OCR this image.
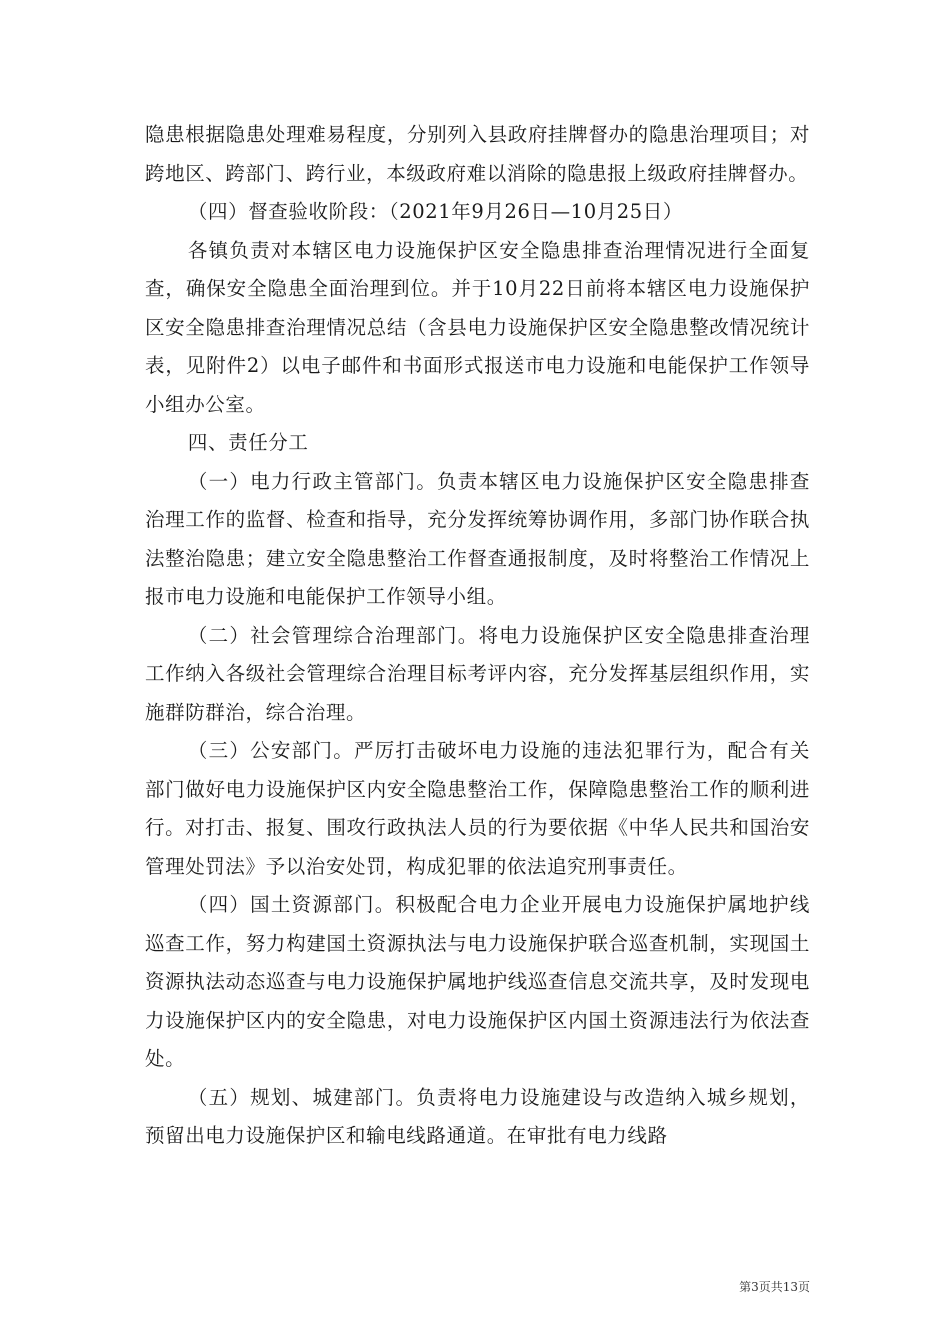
隐患根据隐患处理难易程度，分别列入县政府挂牌督办的隐患治理项目；对跨地区、跨部门、跨行业，本级政府难以消除的隐患报上级政府挂牌督办。

（四）督查验收阶段：（2021年9月26日—10月25日）

各镇负责对本辖区电力设施保护区安全隐患排查治理情况进行全面复查，确保安全隐患全面治理到位。并于10月22日前将本辖区电力设施保护区安全隐患排查治理情况总结（含县电力设施保护区安全隐患整改情况统计表，见附件2）以电子邮件和书面形式报送市电力设施和电能保护工作领导小组办公室。

四、责任分工

（一）电力行政主管部门。负责本辖区电力设施保护区安全隐患排查治理工作的监督、检查和指导，充分发挥统筹协调作用，多部门协作联合执法整治隐患；建立安全隐患整治工作督查通报制度，及时将整治工作情况上报市电力设施和电能保护工作领导小组。

（二）社会管理综合治理部门。将电力设施保护区安全隐患排查治理工作纳入各级社会管理综合治理目标考评内容，充分发挥基层组织作用，实施群防群治，综合治理。

（三）公安部门。严厉打击破坏电力设施的违法犯罪行为，配合有关部门做好电力设施保护区内安全隐患整治工作，保障隐患整治工作的顺利进行。对打击、报复、围攻行政执法人员的行为要依据《中华人民共和国治安管理处罚法》予以治安处罚，构成犯罪的依法追究刑事责任。

（四）国土资源部门。积极配合电力企业开展电力设施保护属地护线巡查工作，努力构建国土资源执法与电力设施保护联合巡查机制，实现国土资源执法动态巡查与电力设施保护属地护线巡查信息交流共享，及时发现电力设施保护区内的安全隐患，对电力设施保护区内国土资源违法行为依法查处。

（五）规划、城建部门。负责将电力设施建设与改造纳入城乡规划，预留出电力设施保护区和输电线路通道。在审批有电力线路

第3页共13页
